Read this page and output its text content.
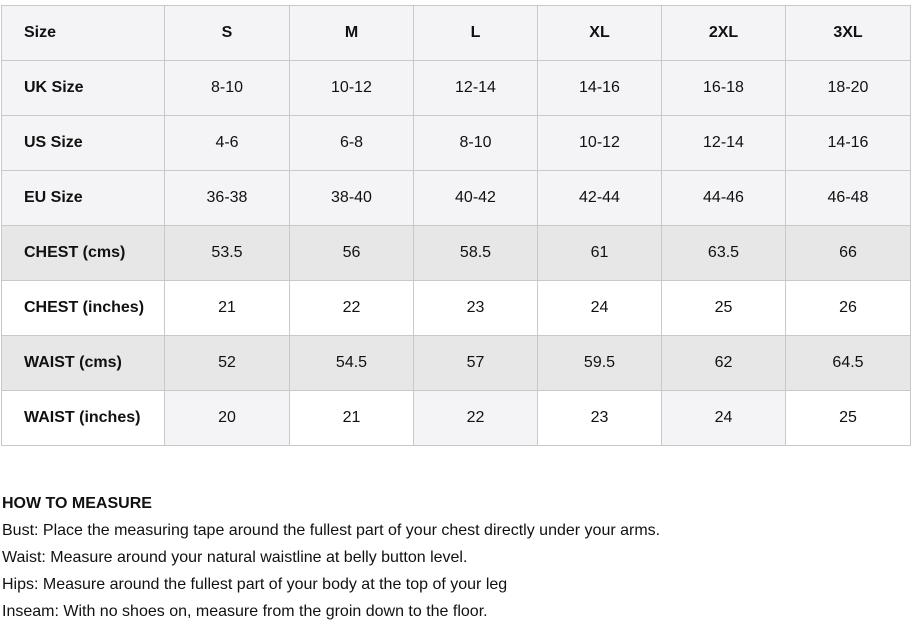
Size	S	M	L	XL	2XL	3XL
UK Size	8-10	10-12	12-14	14-16	16-18	18-20
US Size	4-6	6-8	8-10	10-12	12-14	14-16
EU Size	36-38	38-40	40-42	42-44	44-46	46-48
CHEST (cms)	53.5	56	58.5	61	63.5	66
CHEST (inches)	21	22	23	24	25	26
WAIST (cms)	52	54.5	57	59.5	62	64.5
WAIST (inches)	20	21	22	23	24	25
HOW TO MEASURE
Bust: Place the measuring tape around the fullest part of your chest directly under your arms.
Waist: Measure around your natural waistline at belly button level.
Hips: Measure around the fullest part of your body at the top of your leg
Inseam: With no shoes on, measure from the groin down to the floor.
